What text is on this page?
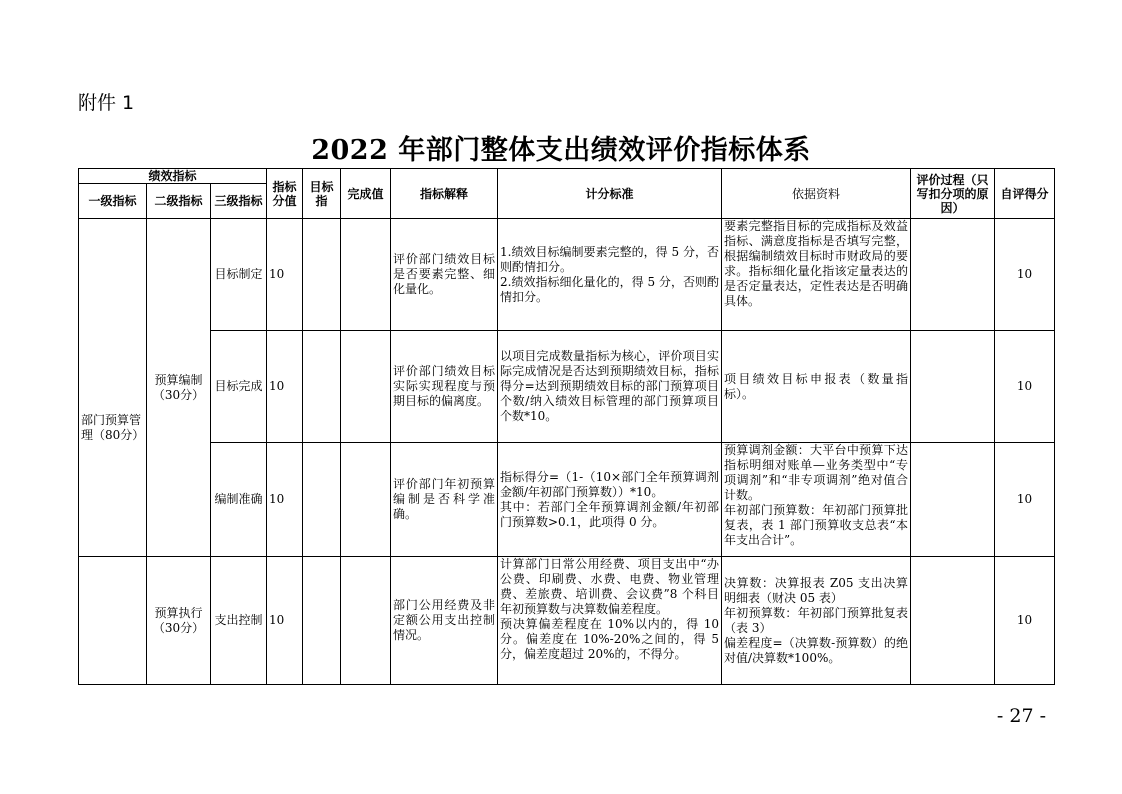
附件 1
2022 年部门整体支出绩效评价指标体系
绩效指标			指标分值	目标指	完成值	指标解释	计分标准	依据资料	评价过程（只写扣分项的原因）	自评得分
一级指标	二级指标	三级指标								
部门预算管理（80分）	预算编制（30分）	目标制定	10			评价部门绩效目标是否要素完整、细化量化。	1.绩效目标编制要素完整的，得 5 分，否则酌情扣分。
2.绩效指标细化量化的，得 5 分，否则酌情扣分。	要素完整指目标的完成指标及效益指标、满意度指标是否填写完整，根据编制绩效目标时市财政局的要求。指标细化量化指该定量表达的是否定量表达，定性表达是否明确具体。		10
		目标完成	10			评价部门绩效目标实际实现程度与预期目标的偏离度。	以项目完成数量指标为核心，评价项目实际完成情况是否达到预期绩效目标，指标得分=达到预期绩效目标的部门预算项目个数/纳入绩效目标管理的部门预算项目个数*10。	项目绩效目标申报表（数量指标）。		10
		编制准确	10			评价部门年初预算编制是否科学准确。	指标得分=（1-（10×部门全年预算调剂金额/年初部门预算数））*10。
其中：若部门全年预算调剂金额/年初部门预算数>0.1，此项得 0 分。	预算调剂金额：大平台中预算下达指标明细对账单—业务类型中“专项调剂”和“非专项调剂”绝对值合计数。
年初部门预算数：年初部门预算批复表，表 1 部门预算收支总表“本年支出合计”。		10
	预算执行（30分）	支出控制	10			部门公用经费及非定额公用支出控制情况。	计算部门日常公用经费、项目支出中“办公费、印刷费、水费、电费、物业管理费、差旅费、培训费、会议费”8 个科目年初预算数与决算数偏差程度。
预决算偏差程度在 10%以内的，得 10 分。偏差度在 10%-20%之间的，得 5 分，偏差度超过 20%的，不得分。	决算数：决算报表 Z05 支出决算明细表（财决 05 表）
年初预算数：年初部门预算批复表（表 3）
偏差程度=（决算数-预算数）的绝对值/决算数*100%。		10
- 27 -
